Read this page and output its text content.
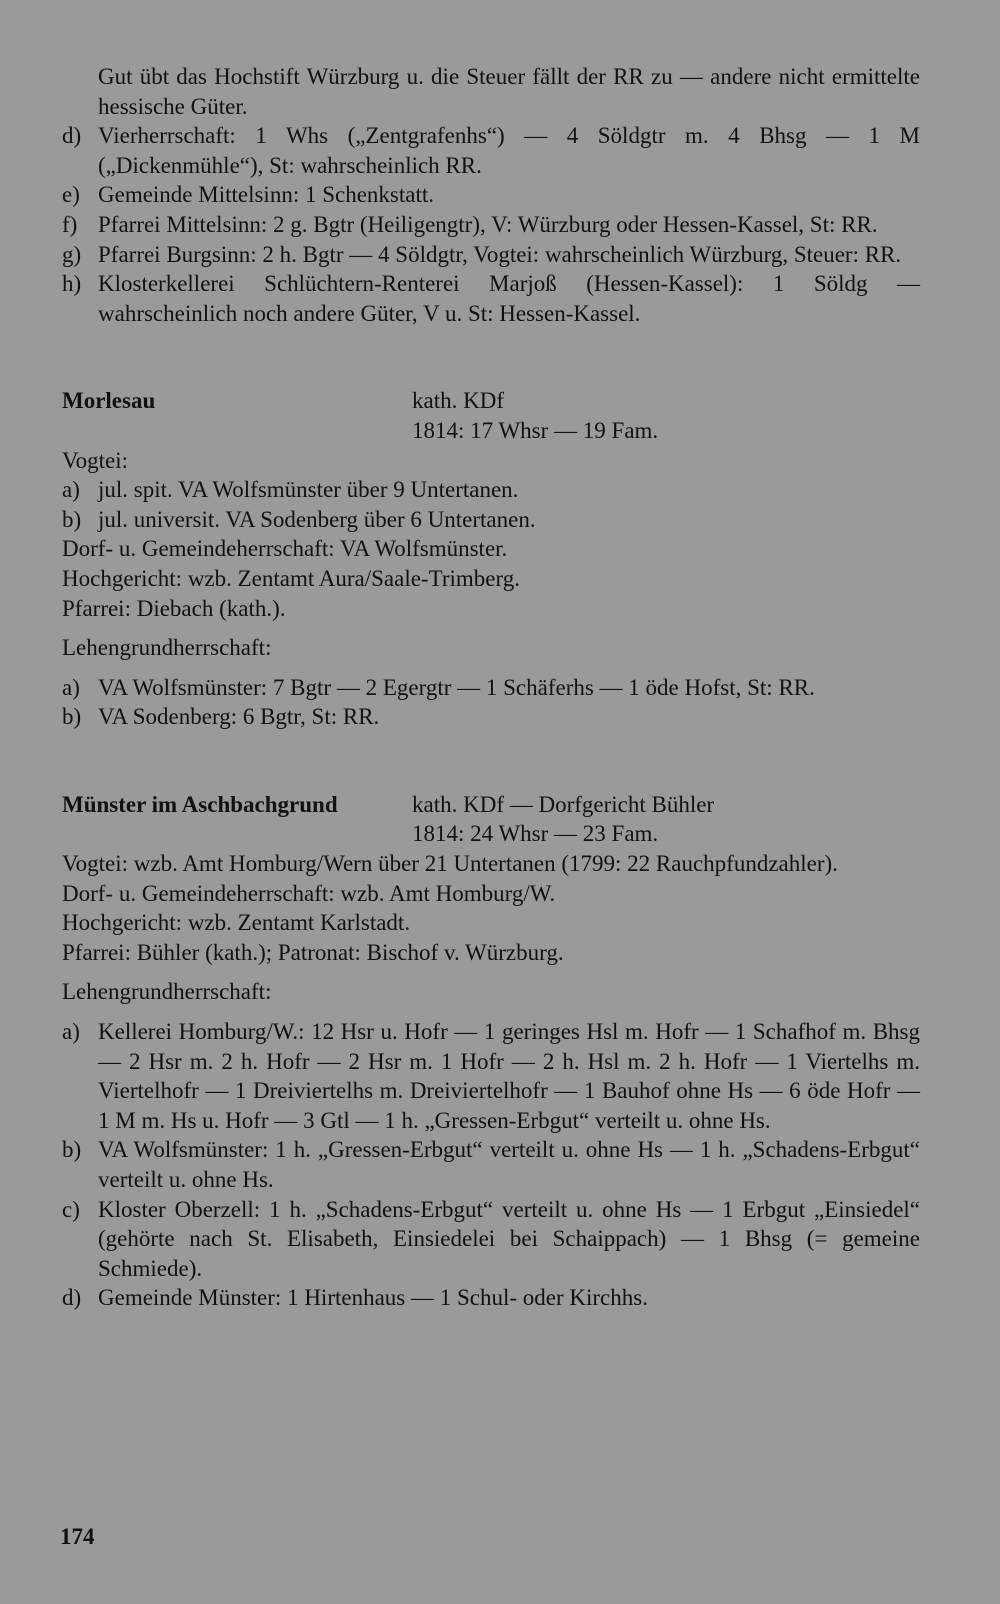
Gut übt das Hochstift Würzburg u. die Steuer fällt der RR zu — andere nicht ermittelte hessische Güter.
d) Vierherrschaft: 1 Whs („Zentgrafenhs“) — 4 Söldgtr m. 4 Bhsg — 1 M („Dickenmühle“), St: wahrscheinlich RR.
e) Gemeinde Mittelsinn: 1 Schenkstatt.
f) Pfarrei Mittelsinn: 2 g. Bgtr (Heiligengtr), V: Würzburg oder Hessen-Kassel, St: RR.
g) Pfarrei Burgsinn: 2 h. Bgtr — 4 Söldgtr, Vogtei: wahrscheinlich Würzburg, Steuer: RR.
h) Klosterkellerei Schlüchtern-Renterei Marjoß (Hessen-Kassel): 1 Söldg — wahrscheinlich noch andere Güter, V u. St: Hessen-Kassel.
Morlesau	kath. KDf
1814: 17 Whsr — 19 Fam.
Vogtei:
a) jul. spit. VA Wolfsmünster über 9 Untertanen.
b) jul. universit. VA Sodenberg über 6 Untertanen.
Dorf- u. Gemeindeherrschaft: VA Wolfsmünster.
Hochgericht: wzb. Zentamt Aura/Saale-Trimberg.
Pfarrei: Diebach (kath.).
Lehengrundherrschaft:
a) VA Wolfsmünster: 7 Bgtr — 2 Egergtr — 1 Schäferhs — 1 öde Hofst, St: RR.
b) VA Sodenberg: 6 Bgtr, St: RR.
Münster im Aschbachgrund	kath. KDf — Dorfgericht Bühler
1814: 24 Whsr — 23 Fam.
Vogtei: wzb. Amt Homburg/Wern über 21 Untertanen (1799: 22 Rauchpfundzahler).
Dorf- u. Gemeindeherrschaft: wzb. Amt Homburg/W.
Hochgericht: wzb. Zentamt Karlstadt.
Pfarrei: Bühler (kath.); Patronat: Bischof v. Würzburg.
Lehengrundherrschaft:
a) Kellerei Homburg/W.: 12 Hsr u. Hofr — 1 geringes Hsl m. Hofr — 1 Schafhof m. Bhsg — 2 Hsr m. 2 h. Hofr — 2 Hsr m. 1 Hofr — 2 h. Hsl m. 2 h. Hofr — 1 Viertelhs m. Viertelhofr — 1 Dreiviertelhs m. Dreiviertelhofr — 1 Bauhof ohne Hs — 6 öde Hofr — 1 M m. Hs u. Hofr — 3 Gtl — 1 h. „Gressen-Erbgut“ verteilt u. ohne Hs.
b) VA Wolfsmünster: 1 h. „Gressen-Erbgut“ verteilt u. ohne Hs — 1 h. „Schadens-Erbgut“ verteilt u. ohne Hs.
c) Kloster Oberzell: 1 h. „Schadens-Erbgut“ verteilt u. ohne Hs — 1 Erbgut „Einsiedel“ (gehörte nach St. Elisabeth, Einsiedelei bei Schaippach) — 1 Bhsg (= gemeine Schmiede).
d) Gemeinde Münster: 1 Hirtenhaus — 1 Schul- oder Kirchhs.
174
